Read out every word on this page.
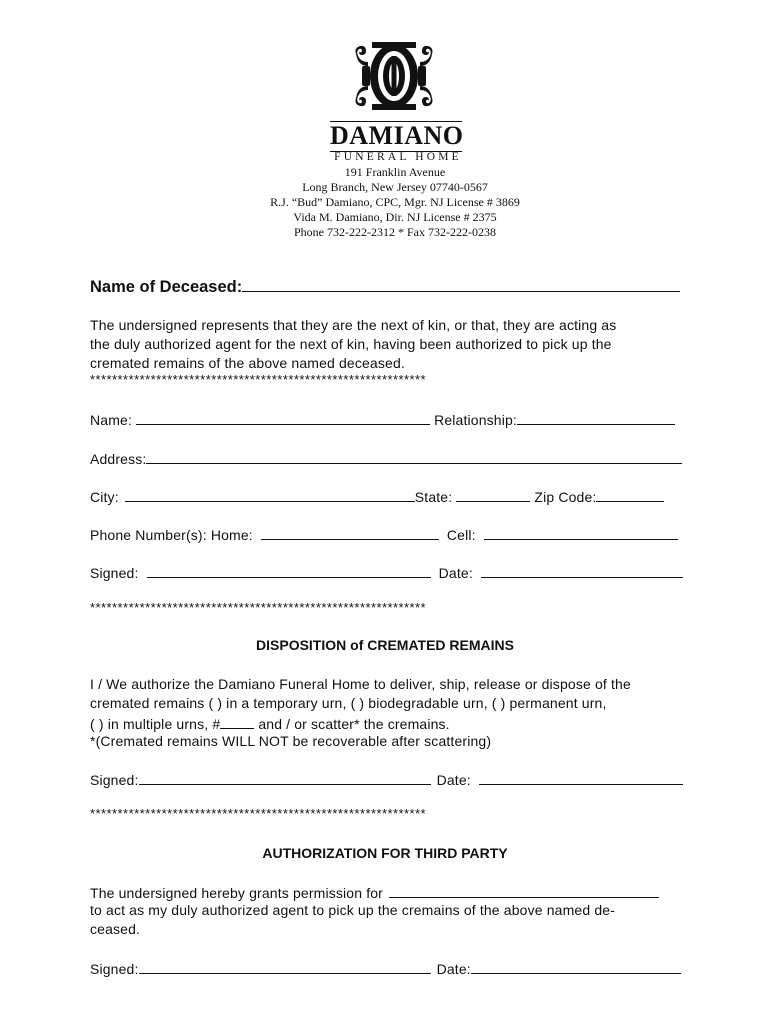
DAMIANO
FUNERAL HOME
191 Franklin Avenue
Long Branch, New Jersey 07740-0567
R.J. “Bud” Damiano, CPC, Mgr. NJ License # 3869
Vida M. Damiano, Dir. NJ License # 2375
Phone 732-222-2312 * Fax 732-222-0238
Name of Deceased:
The undersigned represents that they are the next of kin, or that, they are acting as
the duly authorized agent for the next of kin, having been authorized to pick up the
cremated remains of the above named deceased.
*************************************************************
Name:	Relationship:
Address:
City:	State:	Zip Code:
Phone Number(s): Home:	Cell:
Signed:	Date:
*************************************************************
DISPOSITION of CREMATED REMAINS
I / We authorize the Damiano Funeral Home to deliver, ship, release or dispose of the
cremated remains ( ) in a temporary urn, ( ) biodegradable urn, ( ) permanent urn,
( ) in multiple urns, # and / or scatter* the cremains.
*(Cremated remains WILL NOT be recoverable after scattering)
Signed:	Date:
*************************************************************
AUTHORIZATION FOR THIRD PARTY
The undersigned hereby grants permission for
to act as my duly authorized agent to pick up the cremains of the above named de-
ceased.
Signed:	Date:
